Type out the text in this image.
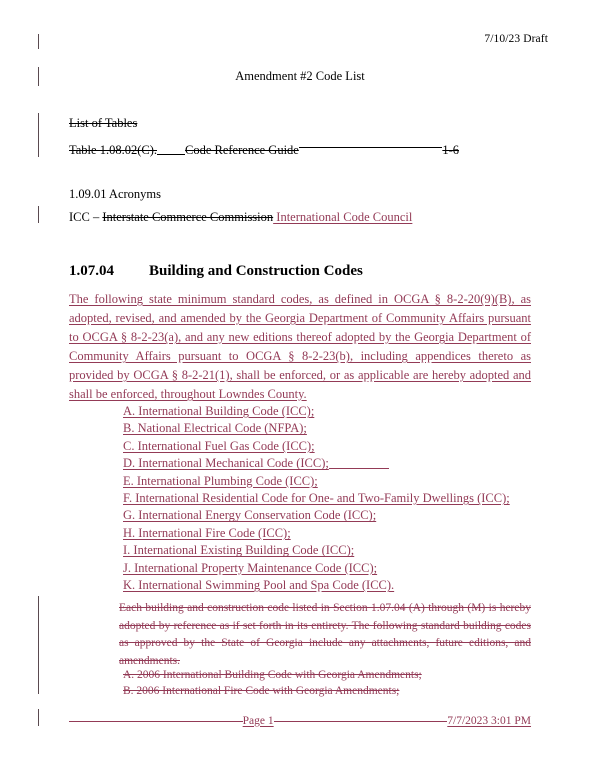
7/10/23 Draft
Amendment #2 Code List
List of Tables
Table 1.08.02(C). Code Reference Guide	1-6
1.09.01 Acronyms
ICC – Interstate Commerce Commission International Code Council
1.07.04 Building and Construction Codes
The following state minimum standard codes, as defined in OCGA § 8-2-20(9)(B), as adopted, revised, and amended by the Georgia Department of Community Affairs pursuant to OCGA § 8-2-23(a), and any new editions thereof adopted by the Georgia Department of Community Affairs pursuant to OCGA § 8-2-23(b), including appendices thereto as provided by OCGA § 8-2-21(1), shall be enforced, or as applicable are hereby adopted and shall be enforced, throughout Lowndes County.
A. International Building Code (ICC);
B. National Electrical Code (NFPA);
C. International Fuel Gas Code (ICC);
D. International Mechanical Code (ICC);
E. International Plumbing Code (ICC);
F. International Residential Code for One- and Two-Family Dwellings (ICC);
G. International Energy Conservation Code (ICC);
H. International Fire Code (ICC);
I. International Existing Building Code (ICC);
J. International Property Maintenance Code (ICC);
K. International Swimming Pool and Spa Code (ICC).
Each building and construction code listed in Section 1.07.04 (A) through (M) is hereby adopted by reference as if set forth in its entirety. The following standard building codes as approved by the State of Georgia include any attachments, future editions, and amendments.
A. 2006 International Building Code with Georgia Amendments;
B. 2006 International Fire Code with Georgia Amendments;
Page 1	7/7/2023 3:01 PM
